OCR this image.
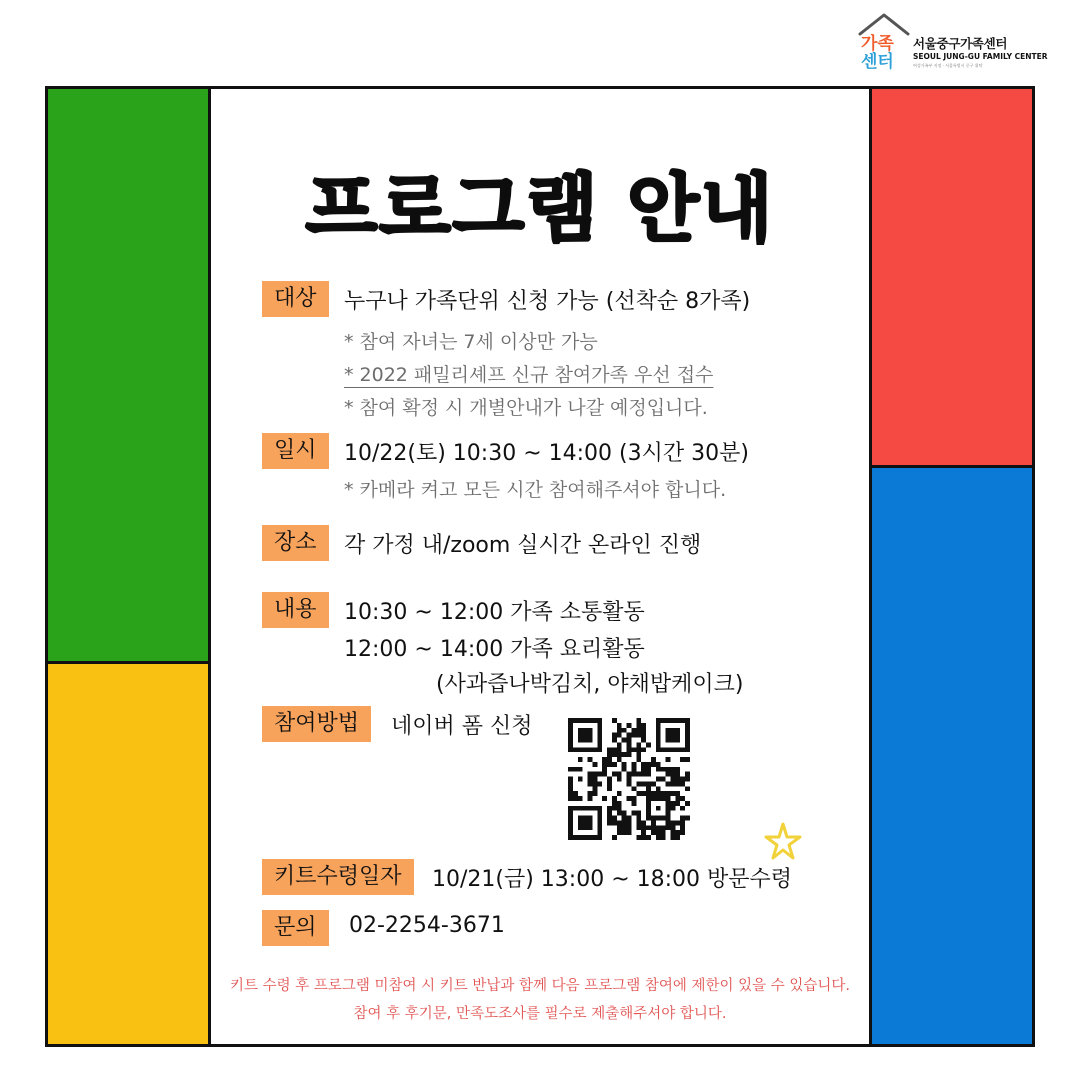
가족
센터
서울중구가족센터
SEOUL JUNG-GU FAMILY CENTER
여성가족부 지정 · 서울특별시 중구 위탁
프로그램 안내
대상	누구나 가족단위 신청 가능 (선착순 8가족)
* 참여 자녀는 7세 이상만 가능
* 2022 패밀리셰프 신규 참여가족 우선 접수
* 참여 확정 시 개별안내가 나갈 예정입니다.
일시	10/22(토) 10:30 ~ 14:00 (3시간 30분)
* 카메라 켜고 모든 시간 참여해주셔야 합니다.
장소	각 가정 내/zoom 실시간 온라인 진행
내용	10:30 ~ 12:00 가족 소통활동
12:00 ~ 14:00 가족 요리활동
(사과즙나박김치, 야채밥케이크)
참여방법	네이버 폼 신청
키트수령일자	10/21(금) 13:00 ~ 18:00 방문수령
문의	02-2254-3671
키트 수령 후 프로그램 미참여 시 키트 반납과 함께 다음 프로그램 참여에 제한이 있을 수 있습니다.
참여 후 후기문, 만족도조사를 필수로 제출해주셔야 합니다.
